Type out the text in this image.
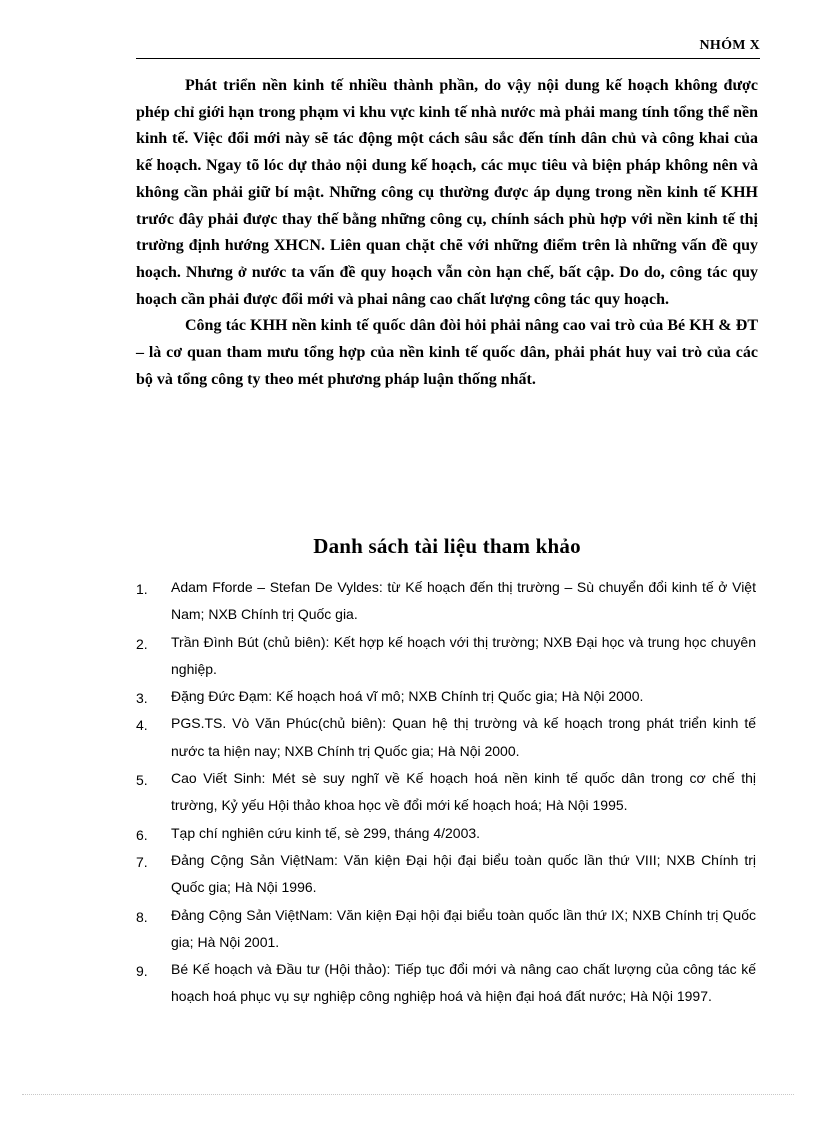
NHÓM X

Phát triển nền kinh tế nhiều thành phần, do vậy nội dung kế hoạch không được phép chỉ giới hạn trong phạm vi khu vực kinh tế nhà nước mà phải mang tính tổng thể nền kinh tế. Việc đổi mới này sẽ tác động một cách sâu sắc đến tính dân chủ và công khai của kế hoạch. Ngay tõ lóc dự thảo nội dung kế hoạch, các mục tiêu và biện pháp không nên và không cần phải giữ bí mật. Những công cụ thường được áp dụng trong nền kinh tế KHH trước đây phải được thay thế bằng những công cụ, chính sách phù hợp với nền kinh tế thị trường định hướng XHCN. Liên quan chặt chẽ với những điểm trên là những vấn đề quy hoạch. Nhưng ở nước ta vấn đề quy hoạch vẫn còn hạn chế, bất cập. Do do, công tác quy hoạch cần phải được đổi mới và phai nâng cao chất lượng công tác quy hoạch.

Công tác KHH nền kinh tế quốc dân đòi hỏi phải nâng cao vai trò của Bé KH & ĐT – là cơ quan tham mưu tổng hợp của nền kinh tế quốc dân, phải phát huy vai trò của các bộ và tổng công ty theo mét phương pháp luận thống nhất.

Danh sách tài liệu tham khảo
1.	Adam Fforde – Stefan De Vyldes: từ Kế hoạch đến thị trường – Sù chuyển đổi kinh tế ở Việt Nam; NXB Chính trị Quốc gia.
2.	Trần Đình Bút (chủ biên): Kết hợp kế hoạch với thị trường; NXB Đại học và trung học chuyên nghiệp.
3.	Đặng Đức Đạm: Kế hoạch hoá vĩ mô; NXB Chính trị Quốc gia; Hà Nội 2000.
4.	PGS.TS. Vò Văn Phúc(chủ biên): Quan hệ thị trường và kế hoạch trong phát triển kinh tế nước ta hiện nay; NXB Chính trị Quốc gia; Hà Nội 2000.
5.	Cao Viết Sinh: Mét sè suy nghĩ về Kế hoạch hoá nền kinh tế quốc dân trong cơ chế thị trường, Kỷ yếu Hội thảo khoa học về đổi mới kế hoạch hoá; Hà Nội 1995.
6.	Tạp chí nghiên cứu kinh tế, sè 299, tháng 4/2003.
7.	Đảng Cộng Sản ViệtNam: Văn kiện Đại hội đại biểu toàn quốc lần thứ VIII; NXB Chính trị Quốc gia; Hà Nội 1996.
8.	Đảng Cộng Sản ViệtNam: Văn kiện Đại hội đại biểu toàn quốc lần thứ IX; NXB Chính trị Quốc gia; Hà Nội 2001.
9.	Bé Kế hoạch và Đầu tư (Hội thảo): Tiếp tục đổi mới và nâng cao chất lượng của công tác kế hoạch hoá phục vụ sự nghiệp công nghiệp hoá và hiện đại hoá đất nước; Hà Nội 1997.
